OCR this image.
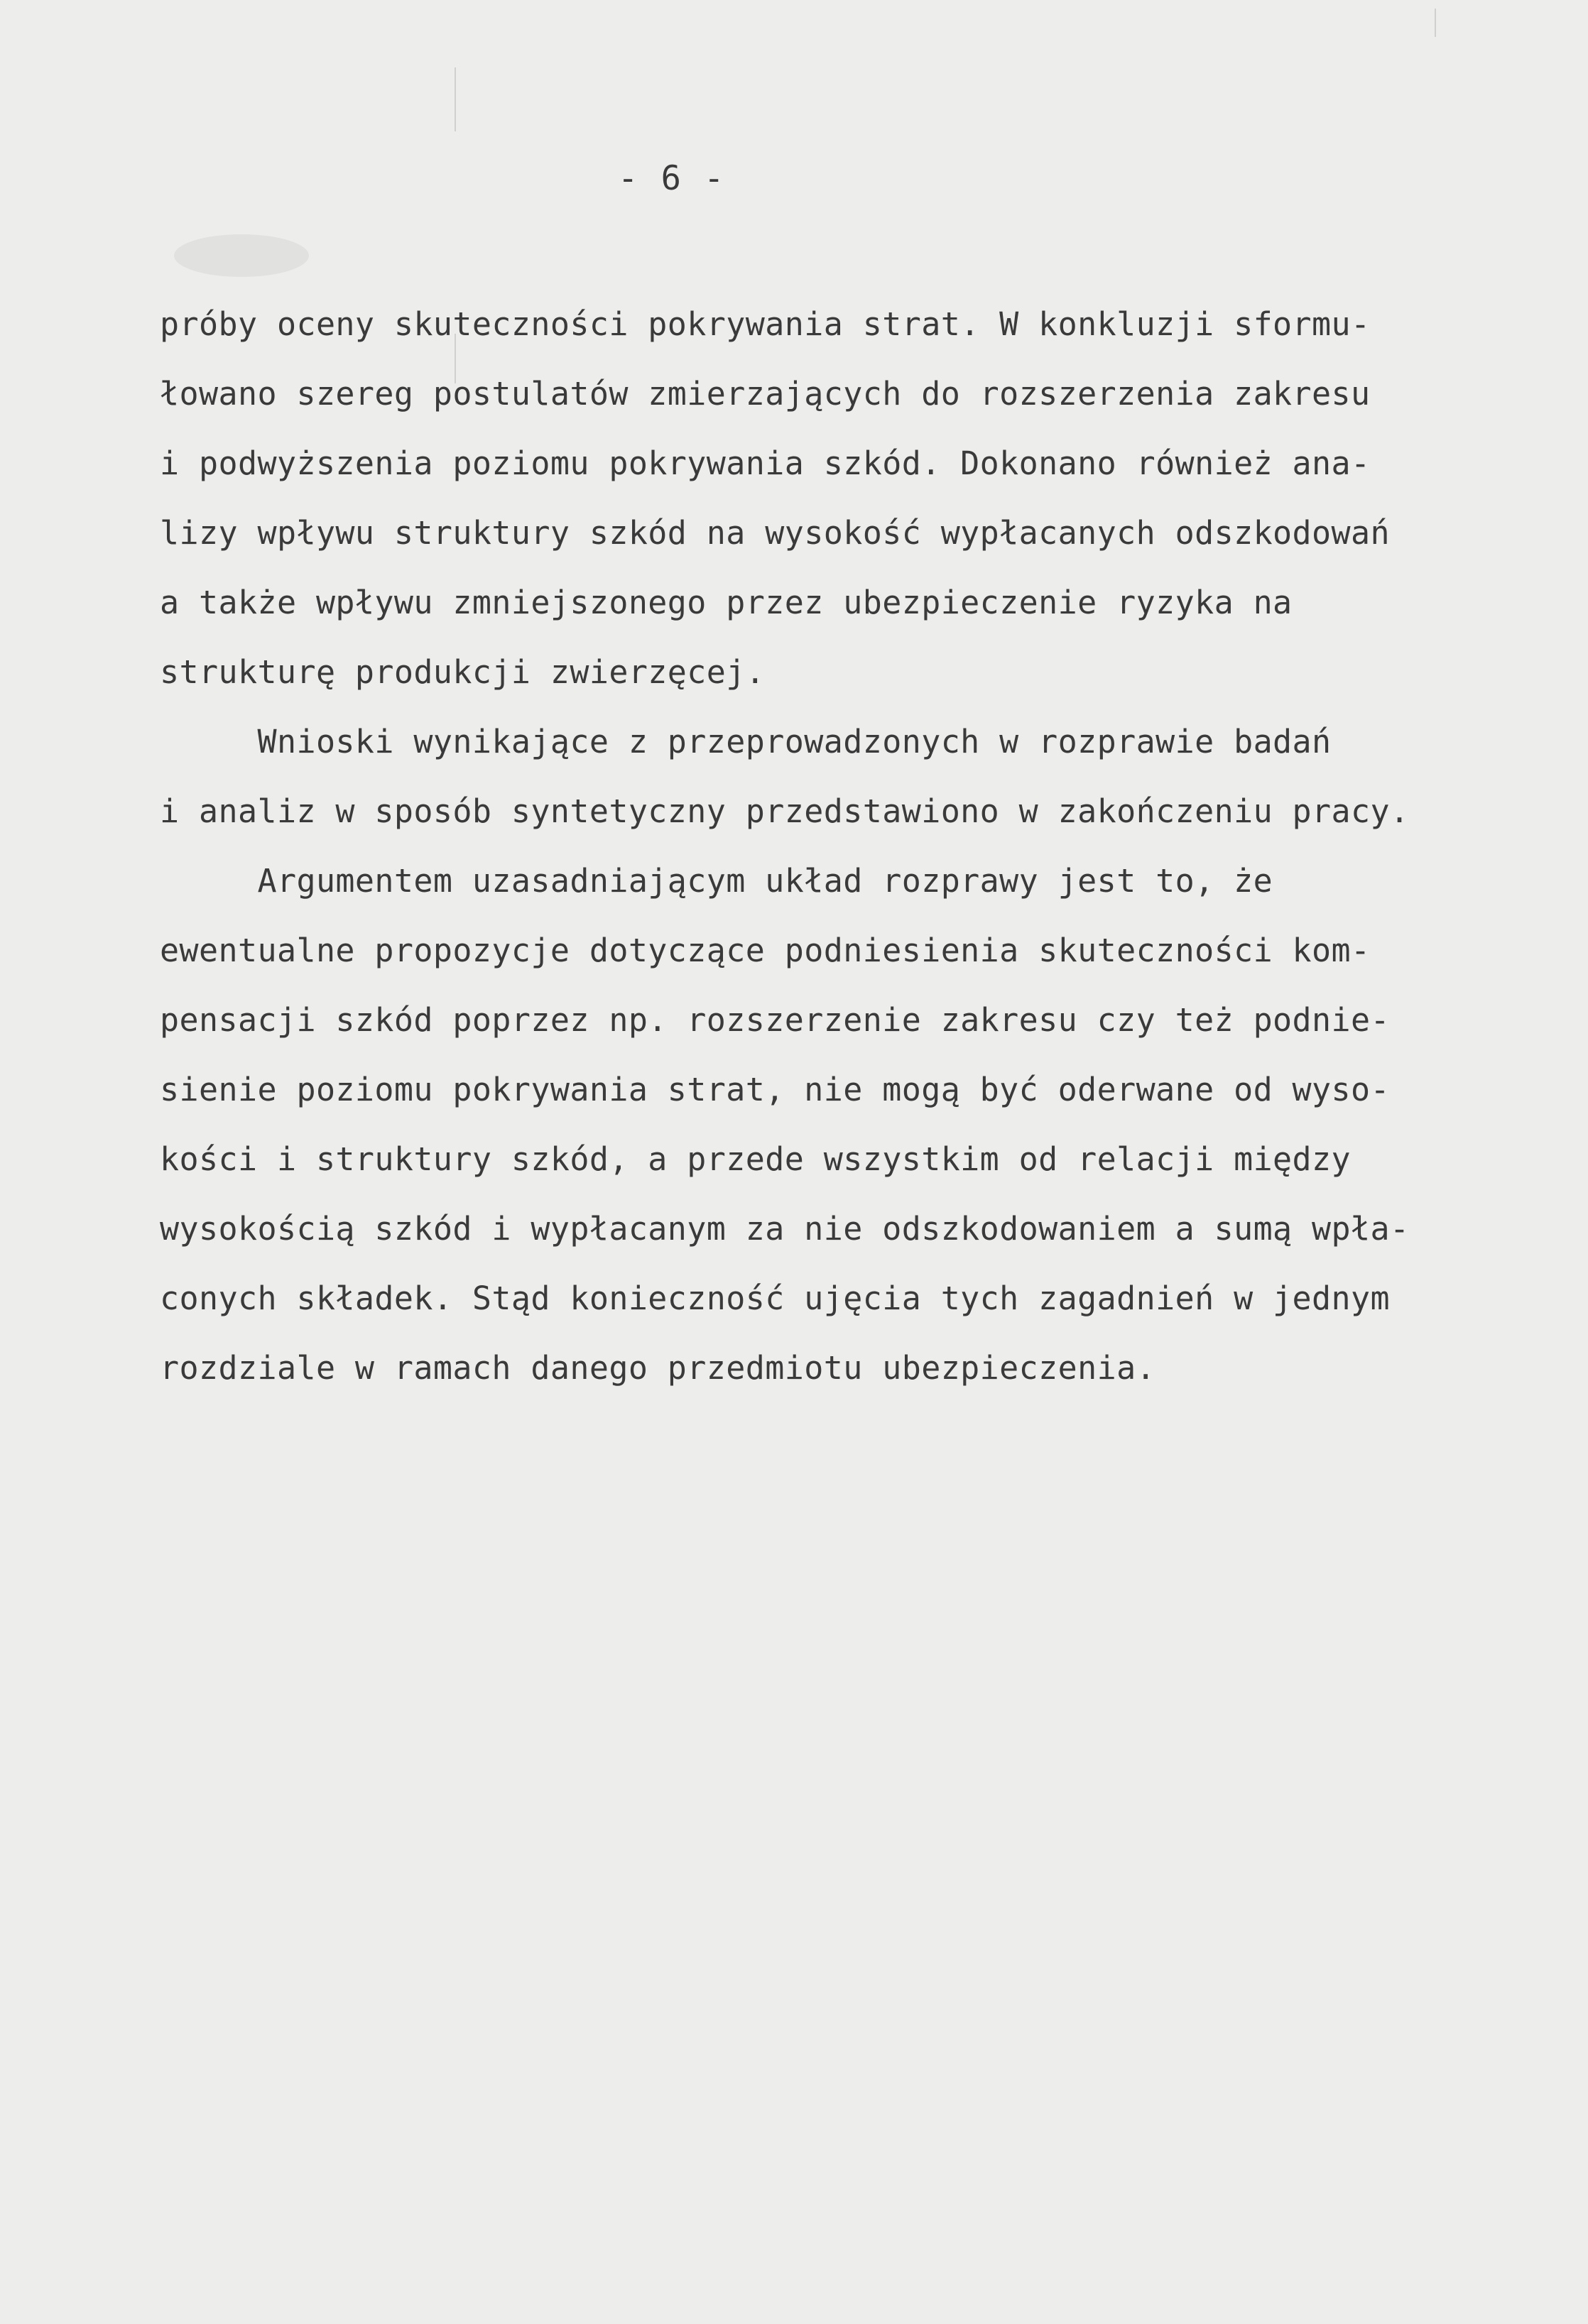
- 6 -
próby oceny skuteczności pokrywania strat. W konkluzji sformu-
łowano szereg postulatów zmierzających do rozszerzenia zakresu
i podwyższenia poziomu pokrywania szkód. Dokonano również ana-
lizy wpływu struktury szkód na wysokość wypłacanych odszkodowań
a także wpływu zmniejszonego przez ubezpieczenie ryzyka na
strukturę produkcji zwierzęcej.
Wnioski wynikające z przeprowadzonych w rozprawie badań
i analiz w sposób syntetyczny przedstawiono w zakończeniu pracy.
Argumentem uzasadniającym układ rozprawy jest to, że
ewentualne propozycje dotyczące podniesienia skuteczności kom-
pensacji szkód poprzez np. rozszerzenie zakresu czy też podnie-
sienie poziomu pokrywania strat, nie mogą być oderwane od wyso-
kości i struktury szkód, a przede wszystkim od relacji między
wysokością szkód i wypłacanym za nie odszkodowaniem a sumą wpła-
conych składek. Stąd konieczność ujęcia tych zagadnień w jednym
rozdziale w ramach danego przedmiotu ubezpieczenia.
